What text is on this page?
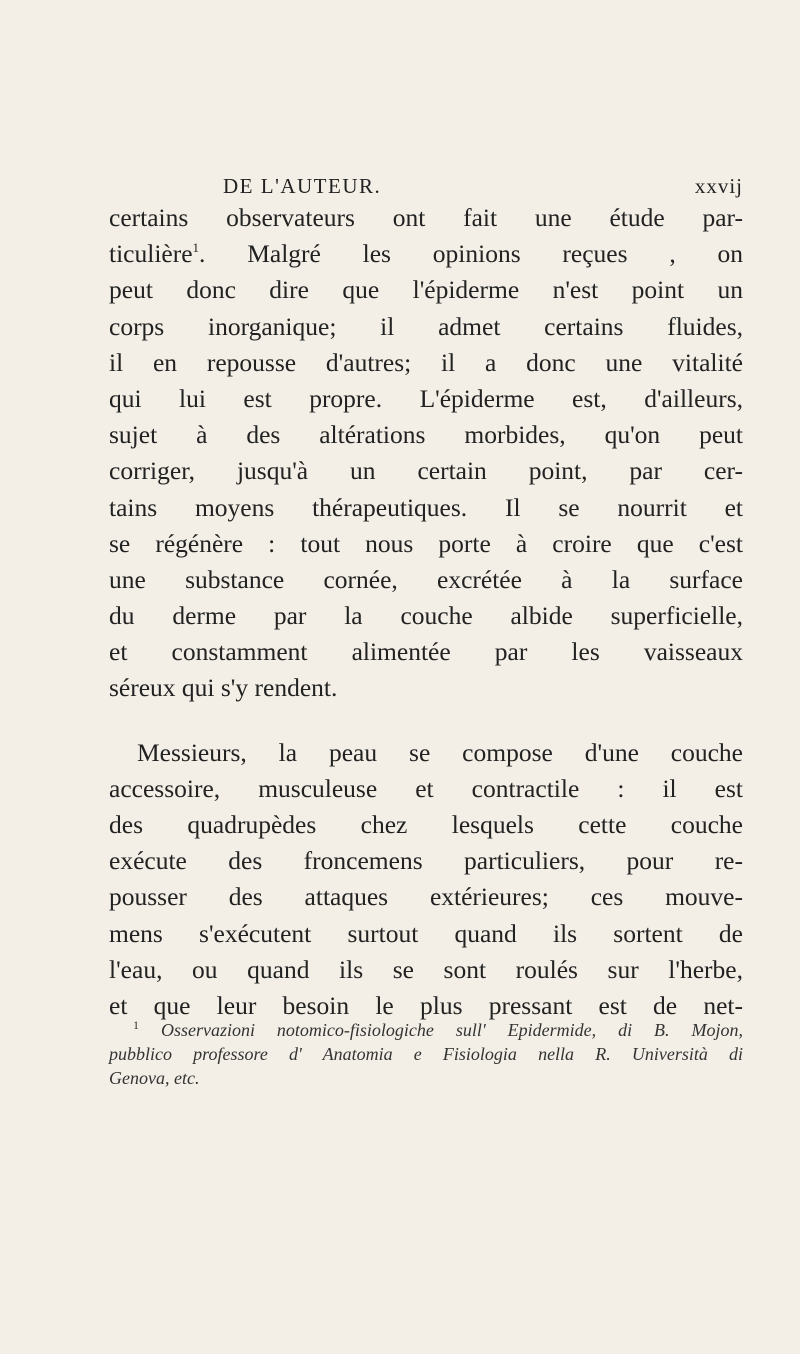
DE L'AUTEUR.	xxvij
certains observateurs ont fait une étude par-
ticulière$^1$. Malgré les opinions reçues , on
peut donc dire que l'épiderme n'est point un
corps inorganique; il admet certains fluides,
il en repousse d'autres; il a donc une vitalité
qui lui est propre. L'épiderme est, d'ailleurs,
sujet à des altérations morbides, qu'on peut
corriger, jusqu'à un certain point, par cer-
tains moyens thérapeutiques. Il se nourrit et
se régénère : tout nous porte à croire que c'est
une substance cornée, excrétée à la surface
du derme par la couche albide superficielle,
et constamment alimentée par les vaisseaux
séreux qui s'y rendent.
Messieurs, la peau se compose d'une couche
accessoire, musculeuse et contractile : il est
des quadrupèdes chez lesquels cette couche
exécute des froncemens particuliers, pour re-
pousser des attaques extérieures; ces mouve-
mens s'exécutent surtout quand ils sortent de
l'eau, ou quand ils se sont roulés sur l'herbe,
et que leur besoin le plus pressant est de net-
$^1$ Osservazioni notomico-fisiologiche sull' Epidermide, di B. Mojon,
pubblico professore d' Anatomia e Fisiologia nella R. Università di
Genova, etc.
